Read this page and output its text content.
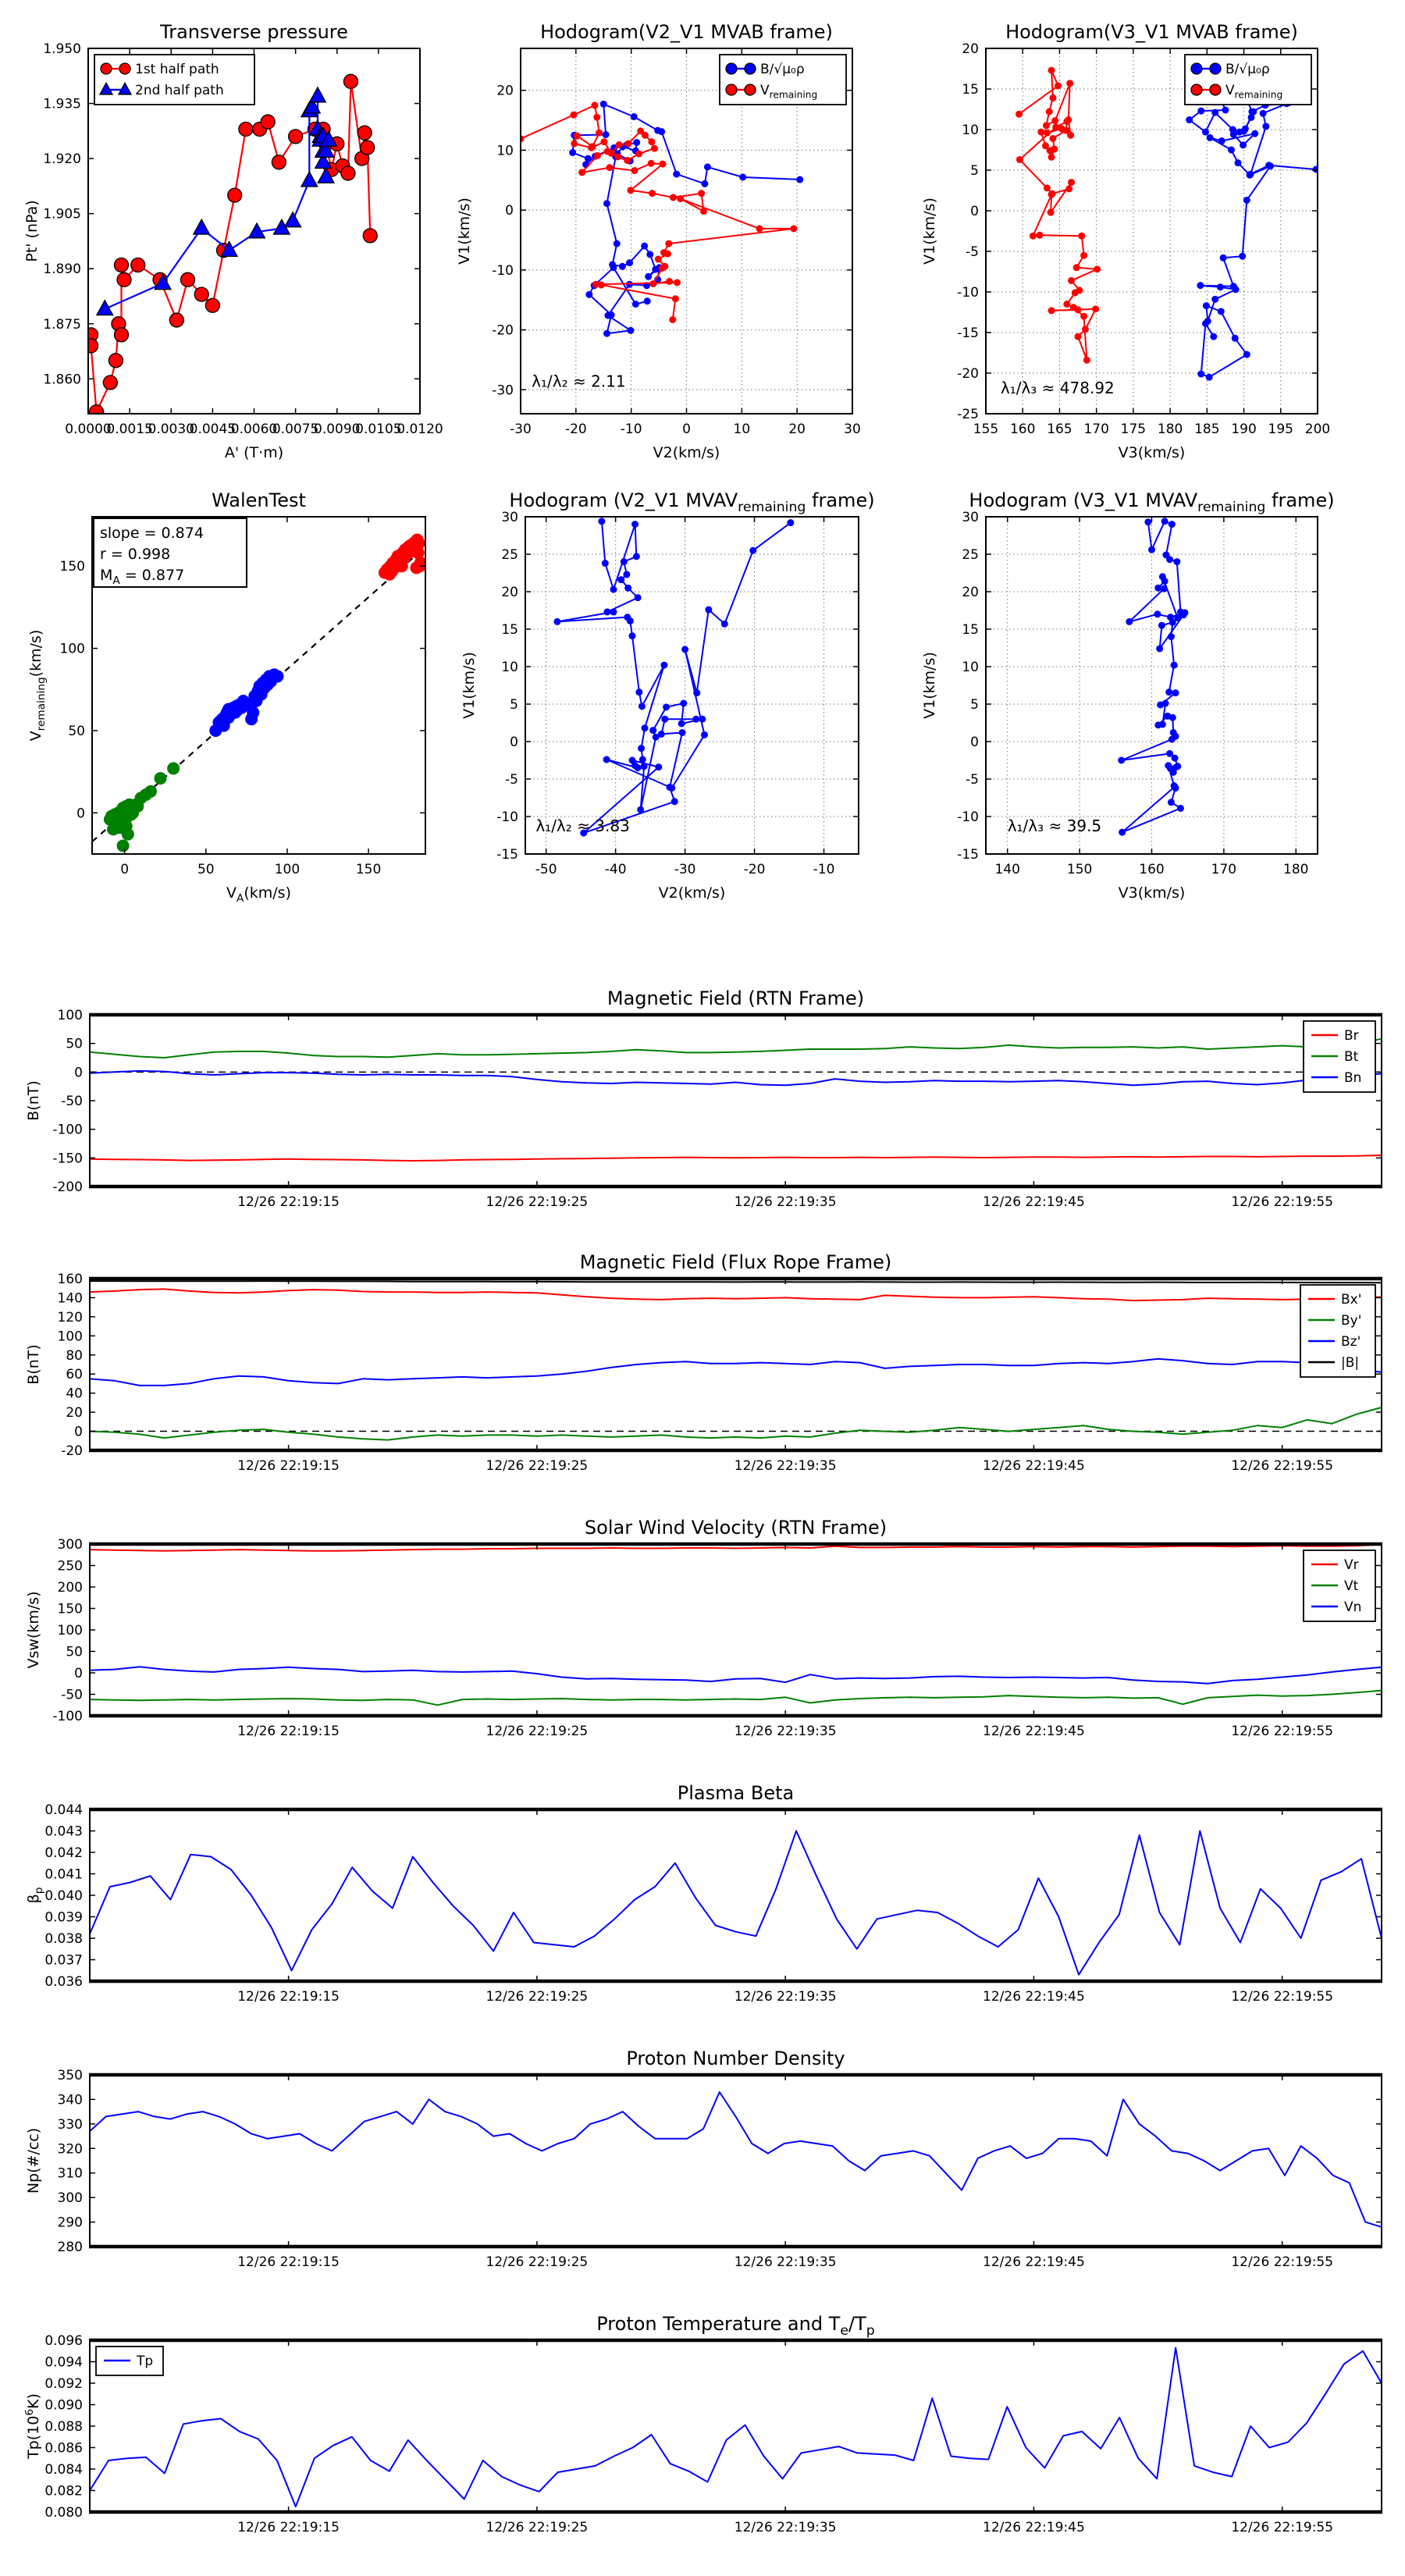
0.0000
0.0015
0.0030
0.0045
0.0060
0.0075
0.0090
0.0105
0.0120
1.860
1.875
1.890
1.905
1.920
1.935
1.950
Transverse pressure
A' (T·m)
Pt' (nPa)
1st half path
2nd half path
-30	-20	-10	0	10	20	30
-30
-20
-10
0
10
20
Hodogram(V2_V1 MVAB frame)
V2(km/s)
V1(km/s)
λ₁/λ₂ ≈ 2.11
B/√μ₀ρ
$V_{remaining}$
155 160 165 170 175 180 185 190 195 200
-25
-20
-15
-10
-5
0
5
10
15
20
Hodogram(V3_V1 MVAB frame)
V3(km/s)
V1(km/s)
λ₁/λ₃ ≈ 478.92
B/√μ₀ρ
$V_{remaining}$
0	50	100	150
0
50
100
150
WalenTest
$V_A(km/s)$
$V_{remaining}(km/s)$
slope = 0.874
r = 0.998
$M_A = 0.877$
-50	-40	-30	-20	-10
-15
-10
-5
0
5
10
15
20
25
30
Hodogram (V2_V1 $MVAV_{remaining}$ frame)
V2(km/s)
V1(km/s)
λ₁/λ₂ ≈ 3.83
140	150	160	170	180
-15
-10
-5
0
5
10
15
20
25
30
Hodogram (V3_V1 $MVAV_{remaining}$ frame)
V3(km/s)
V1(km/s)
λ₁/λ₃ ≈ 39.5
12/26 22:19:15	12/26 22:19:25	12/26 22:19:35	12/26 22:19:45	12/26 22:19:55
100
50
0
-50
-100
-150
-200
Magnetic Field (RTN Frame)
B(nT)
Br
Bt
Bn
12/26 22:19:15	12/26 22:19:25	12/26 22:19:35	12/26 22:19:45	12/26 22:19:55
160
140
120
100
80
60
40
20
0
-20
Magnetic Field (Flux Rope Frame)
B(nT)
Bx'
By'
Bz'
|B|
12/26 22:19:15	12/26 22:19:25	12/26 22:19:35	12/26 22:19:45	12/26 22:19:55
300
250
200
150
100
50
0
-50
-100
Solar Wind Velocity (RTN Frame)
Vsw(km/s)
Vr
Vt
Vn
12/26 22:19:15	12/26 22:19:25	12/26 22:19:35	12/26 22:19:45	12/26 22:19:55
0.036
0.037
0.038
0.039
0.040
0.041
0.042
0.043
0.044
Plasma Beta
$\beta_p$
12/26 22:19:15	12/26 22:19:25	12/26 22:19:35	12/26 22:19:45	12/26 22:19:55
280
290
300
310
320
330
340
350
Proton Number Density
Np(#/cc)
12/26 22:19:15	12/26 22:19:25	12/26 22:19:35	12/26 22:19:45	12/26 22:19:55
0.080
0.082
0.084
0.086
0.088
0.090
0.092
0.094
0.096
Proton Temperature and $T_e/T_p$
$Tp(10^6K)$
Tp
